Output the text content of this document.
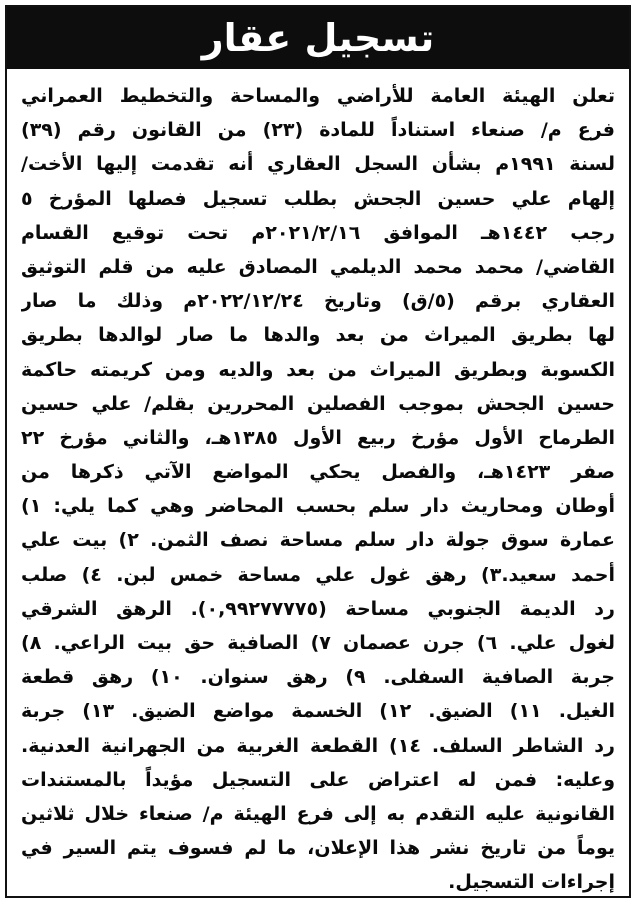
تسجيل عقار
تعلن الهيئة العامة للأراضي والمساحة والتخطيط العمراني
فرع م/ صنعاء استناداً للمادة (٢٣) من القانون رقم (٣٩)
لسنة ١٩٩١م بشأن السجل العقاري أنه تقدمت إليها الأخت/
إلهام علي حسين الجحش بطلب تسجيل فصلها المؤرخ ٥
رجب ١٤٤٢هـ الموافق ٢٠٢١/٢/١٦م تحت توقيع القسام
القاضي/ محمد محمد الديلمي المصادق عليه من قلم التوثيق
العقاري برقم (٥/ق) وتاريخ ٢٠٢٢/١٢/٢٤م وذلك ما صار
لها بطريق الميراث من بعد والدها ما صار لوالدها بطريق
الكسوبة وبطريق الميراث من بعد والديه ومن كريمته حاكمة
حسين الجحش بموجب الفصلين المحررين بقلم/ علي حسين
الطرماح الأول مؤرخ ربيع الأول ١٣٨٥هـ، والثاني مؤرخ ٢٢
صفر ١٤٢٣هـ، والفصل يحكي المواضع الآتي ذكرها من
أوطان ومحاريث دار سلم بحسب المحاضر وهي كما يلي: ١)
عمارة سوق جولة دار سلم مساحة نصف الثمن. ٢) بيت علي
أحمد سعيد.٣) رهق غول علي مساحة خمس لبن. ٤) صلب
رد الديمة الجنوبي مساحة (٠,٩٩٢٧٧٧٧٥). الرهق الشرقي
لغول علي. ٦) جرن عصمان ٧) الصافية حق بيت الراعي. ٨)
جربة الصافية السفلى. ٩) رهق سنوان. ١٠) رهق قطعة
الغيل. ١١) الضيق. ١٢) الخسمة مواضع الضيق. ١٣) جربة
رد الشاطر السلف. ١٤) القطعة الغربية من الجهرانية العدنية.
وعليه: فمن له اعتراض على التسجيل مؤيداً بالمستندات
القانونية عليه التقدم به إلى فرع الهيئة م/ صنعاء خلال ثلاثين
يوماً من تاريخ نشر هذا الإعلان، ما لم فسوف يتم السير في
إجراءات التسجيل.
